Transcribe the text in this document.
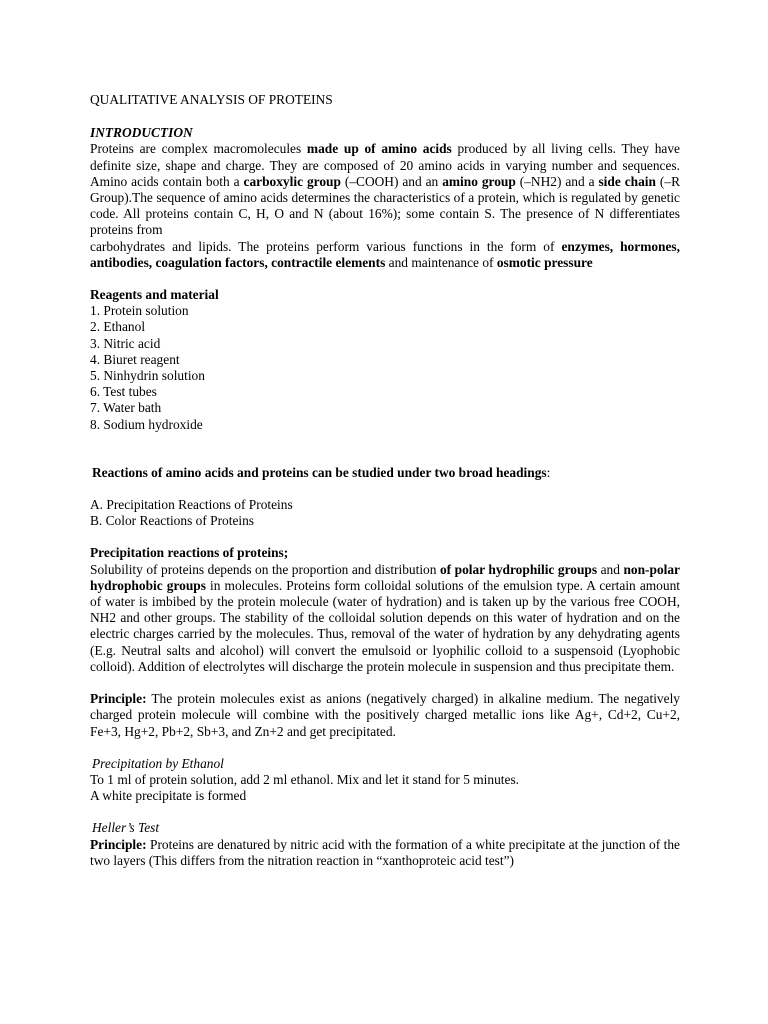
QUALITATIVE ANALYSIS OF PROTEINS

INTRODUCTION

Proteins are complex macromolecules made up of amino acids produced by all living cells. They have definite size, shape and charge. They are composed of 20 amino acids in varying number and sequences. Amino acids contain both a carboxylic group (–COOH) and an amino group (–NH2) and a side chain (–R Group).The sequence of amino acids determines the characteristics of a protein, which is regulated by genetic code. All proteins contain C, H, O and N (about 16%); some contain S. The presence of N differentiates proteins from

carbohydrates and lipids. The proteins perform various functions in the form of enzymes, hormones, antibodies, coagulation factors, contractile elements and maintenance of osmotic pressure

Reagents and material

1. Protein solution
2. Ethanol
3. Nitric acid
4. Biuret reagent
5. Ninhydrin solution
6. Test tubes
7. Water bath
8. Sodium hydroxide

Reactions of amino acids and proteins can be studied under two broad headings:

A. Precipitation Reactions of Proteins

B. Color Reactions of Proteins

Precipitation reactions of proteins;

Solubility of proteins depends on the proportion and distribution of polar hydrophilic groups and non-polar hydrophobic groups in molecules. Proteins form colloidal solutions of the emulsion type. A certain amount of water is imbibed by the protein molecule (water of hydration) and is taken up by the various free COOH, NH2 and other groups. The stability of the colloidal solution depends on this water of hydration and on the electric charges carried by the molecules. Thus, removal of the water of hydration by any dehydrating agents (E.g. Neutral salts and alcohol) will convert the emulsoid or lyophilic colloid to a suspensoid (Lyophobic colloid). Addition of electrolytes will discharge the protein molecule in suspension and thus precipitate them.

Principle: The protein molecules exist as anions (negatively charged) in alkaline medium. The negatively charged protein molecule will combine with the positively charged metallic ions like Ag+, Cd+2, Cu+2, Fe+3, Hg+2, Pb+2, Sb+3, and Zn+2 and get precipitated.

Precipitation by Ethanol

To 1 ml of protein solution, add 2 ml ethanol. Mix and let it stand for 5 minutes.

A white precipitate is formed

Heller’s Test

Principle: Proteins are denatured by nitric acid with the formation of a white precipitate at the junction of the two layers (This differs from the nitration reaction in “xanthoproteic acid test”)
